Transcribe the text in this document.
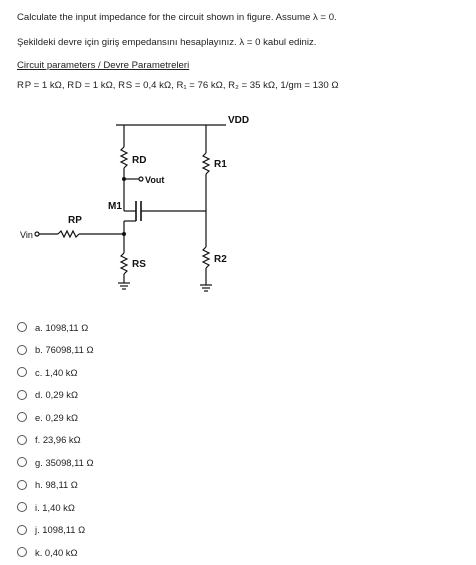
Calculate the input impedance for the circuit shown in figure. Assume λ = 0.
Şekildeki devre için giriş empedansını hesaplayınız. λ = 0 kabul ediniz.
Circuit parameters / Devre Parametreleri
R P = 1 kΩ, R D = 1 kΩ, R S = 0,4 kΩ, R₁ = 76 kΩ, R₂ = 35 kΩ, 1/gm = 130 Ω
VDD
RD
Vout
R1
M1
RP
Vin
R2
RS
a.
1098,11 Ω
b.
76098,11 Ω
c.
1,40 kΩ
d.
0,29 kΩ
e.
0,29 kΩ
f.
23,96 kΩ
g.
35098,11 Ω
h.
98,11 Ω
i.
1,40 kΩ
j.
1098,11 Ω
k.
0,40 kΩ
